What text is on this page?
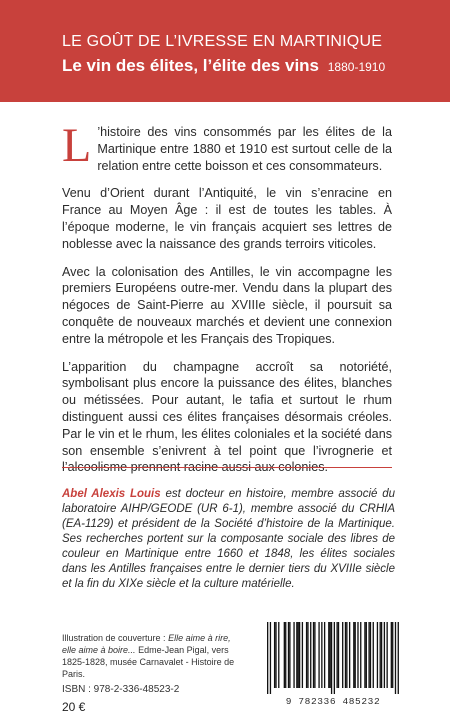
LE GOÛT DE L’IVRESSE EN MARTINIQUE
Le vin des élites, l’élite des vins 1880-1910

L ’histoire des vins consommés par les élites de la Martinique entre 1880 et 1910 est surtout celle de la relation entre cette boisson et ces consommateurs.

Venu d’Orient durant l’Antiquité, le vin s’enracine en France au Moyen Âge : il est de toutes les tables. À l’époque moderne, le vin français acquiert ses lettres de noblesse avec la naissance des grands terroirs viticoles.

Avec la colonisation des Antilles, le vin accompagne les premiers Européens outre-mer. Vendu dans la plupart des négoces de Saint-Pierre au XVIIIe siècle, il poursuit sa conquête de nouveaux marchés et devient une connexion entre la métropole et les Français des Tropiques.

L’apparition du champagne accroît sa notoriété, symbolisant plus encore la puissance des élites, blanches ou métissées. Pour autant, le tafia et surtout le rhum distinguent aussi ces élites françaises désormais créoles. Par le vin et le rhum, les élites coloniales et la société dans son ensemble s’enivrent à tel point que l’ivrognerie et l’alcoolisme prennent racine aussi aux colonies.

Abel Alexis Louis est docteur en histoire, membre associé du laboratoire AIHP/GEODE (UR 6-1), membre associé du CRHIA (EA-1129) et président de la Société d’histoire de la Martinique. Ses recherches portent sur la composante sociale des libres de couleur en Martinique entre 1660 et 1848, les élites sociales dans les Antilles françaises entre le dernier tiers du XVIIIe siècle et la fin du XIXe siècle et la culture matérielle.
Illustration de couverture : Elle aime à rire, elle aime à boire... Edme-Jean Pigal, vers 1825-1828, musée Carnavalet - Histoire de Paris.
ISBN : 978-2-336-48523-2
20 €	9 782336 485232
